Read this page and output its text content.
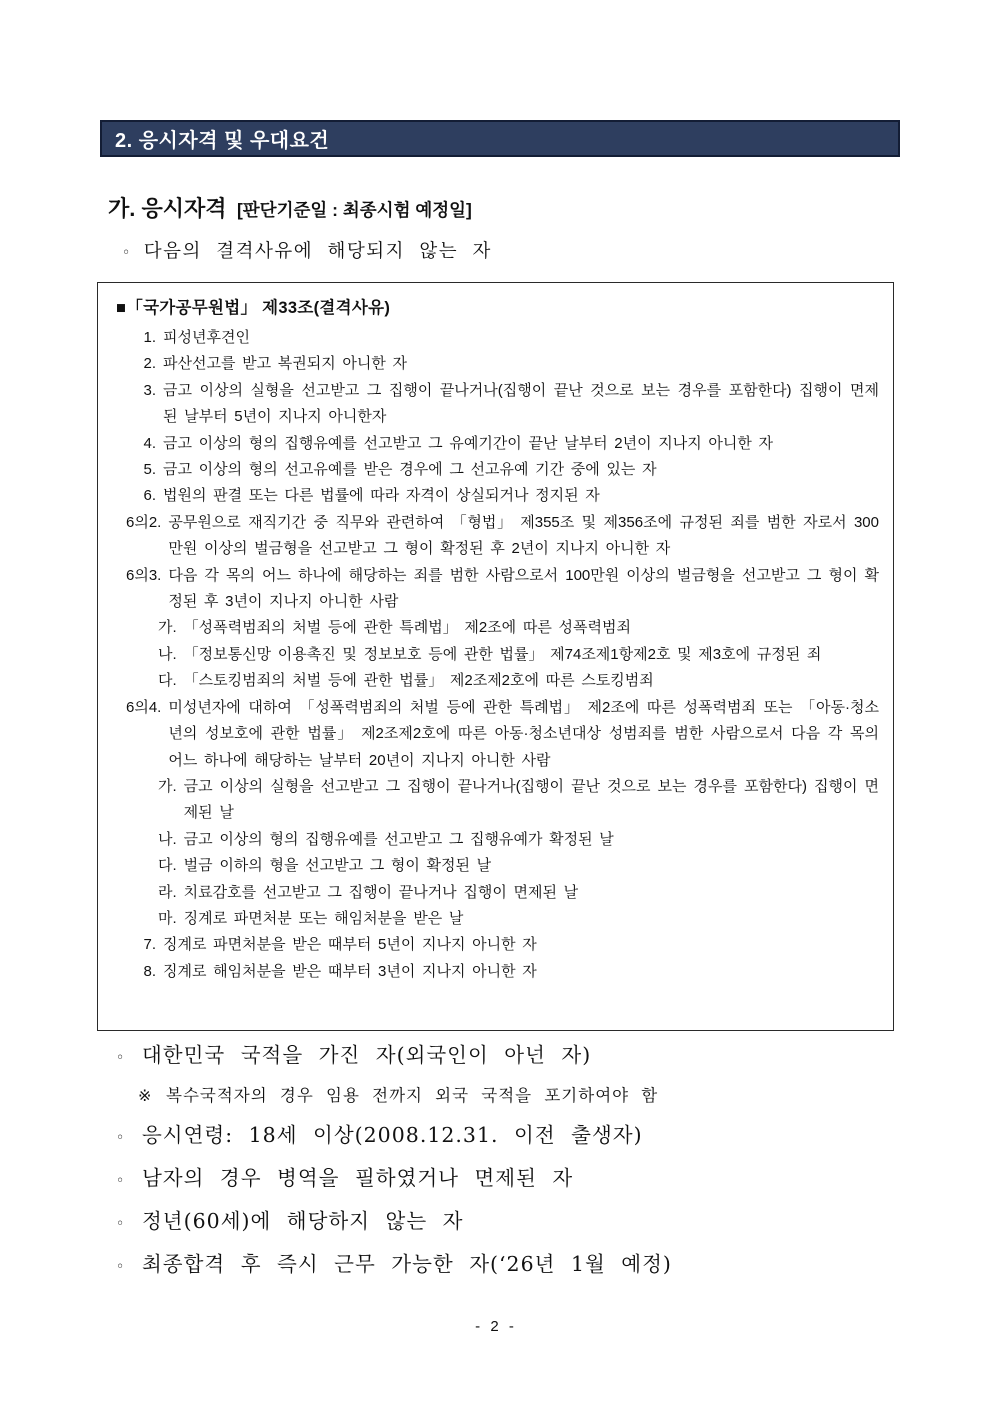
2. 응시자격 및 우대요건
가. 응시자격 [판단기준일 : 최종시험 예정일]
◦ 다음의 결격사유에 해당되지 않는 자
■「국가공무원법」 제33조(결격사유)
1. 피성년후견인
2. 파산선고를 받고 복권되지 아니한 자
3. 금고 이상의 실형을 선고받고 그 집행이 끝나거나(집행이 끝난 것으로 보는 경우를 포함한다) 집행이 면제된 날부터 5년이 지나지 아니한자
4. 금고 이상의 형의 집행유예를 선고받고 그 유예기간이 끝난 날부터 2년이 지나지 아니한 자
5. 금고 이상의 형의 선고유예를 받은 경우에 그 선고유예 기간 중에 있는 자
6. 법원의 판결 또는 다른 법률에 따라 자격이 상실되거나 정지된 자
6의2. 공무원으로 재직기간 중 직무와 관련하여 「형법」 제355조 및 제356조에 규정된 죄를 범한 자로서 300만원 이상의 벌금형을 선고받고 그 형이 확정된 후 2년이 지나지 아니한 자
6의3. 다음 각 목의 어느 하나에 해당하는 죄를 범한 사람으로서 100만원 이상의 벌금형을 선고받고 그 형이 확정된 후 3년이 지나지 아니한 사람
가. 「성폭력범죄의 처벌 등에 관한 특례법」 제2조에 따른 성폭력범죄
나. 「정보통신망 이용촉진 및 정보보호 등에 관한 법률」 제74조제1항제2호 및 제3호에 규정된 죄
다. 「스토킹범죄의 처벌 등에 관한 법률」 제2조제2호에 따른 스토킹범죄
6의4. 미성년자에 대하여 「성폭력범죄의 처벌 등에 관한 특례법」 제2조에 따른 성폭력범죄 또는 「아동·청소년의 성보호에 관한 법률」 제2조제2호에 따른 아동·청소년대상 성범죄를 범한 사람으로서 다음 각 목의 어느 하나에 해당하는 날부터 20년이 지나지 아니한 사람
가. 금고 이상의 실형을 선고받고 그 집행이 끝나거나(집행이 끝난 것으로 보는 경우를 포함한다) 집행이 면제된 날
나. 금고 이상의 형의 집행유예를 선고받고 그 집행유예가 확정된 날
다. 벌금 이하의 형을 선고받고 그 형이 확정된 날
라. 치료감호를 선고받고 그 집행이 끝나거나 집행이 면제된 날
마. 징계로 파면처분 또는 해임처분을 받은 날
7. 징계로 파면처분을 받은 때부터 5년이 지나지 아니한 자
8. 징계로 해임처분을 받은 때부터 3년이 지나지 아니한 자
◦ 대한민국 국적을 가진 자(외국인이 아넌 자)
※ 복수국적자의 경우 임용 전까지 외국 국적을 포기하여야 함
◦ 응시연령: 18세 이상(2008.12.31. 이전 출생자)
◦ 남자의 경우 병역을 필하였거나 면제된 자
◦ 정년(60세)에 해당하지 않는 자
◦ 최종합격 후 즉시 근무 가능한 자(‘26년 1월 예정)
- 2 -
